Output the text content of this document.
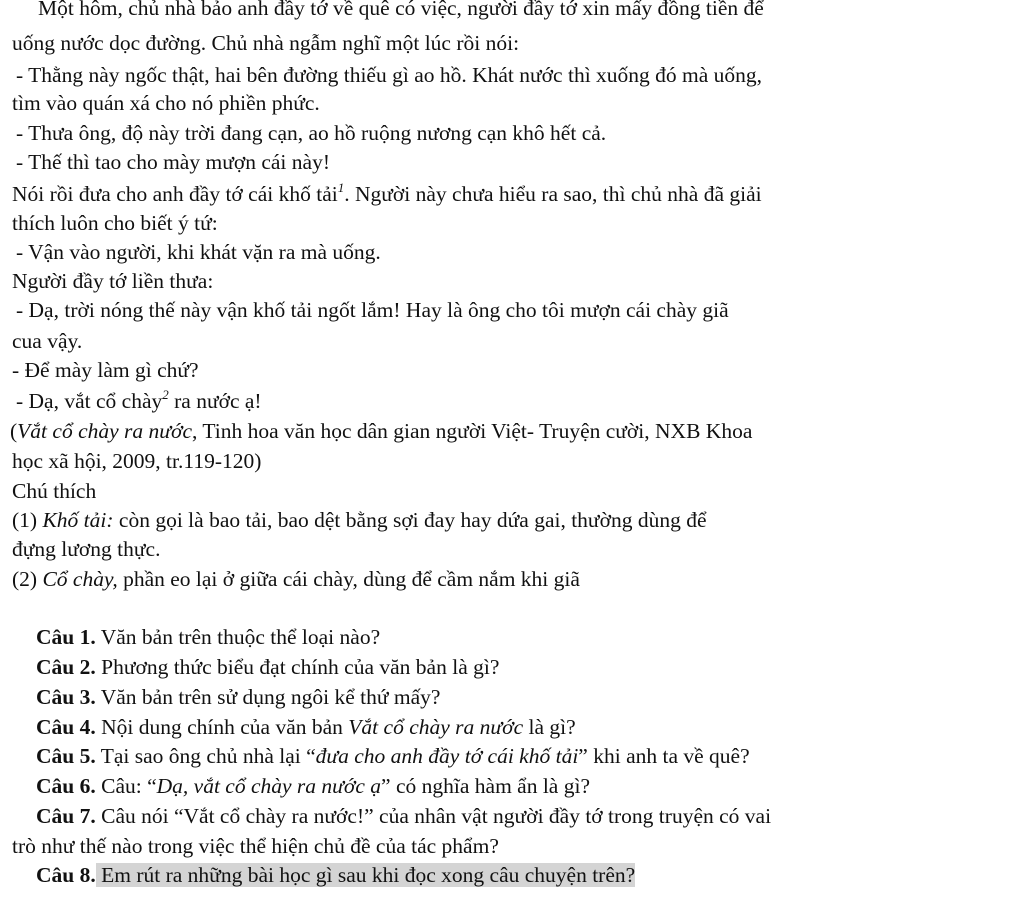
Một hôm, chủ nhà bảo anh đầy tớ về quê có việc, người đầy tớ xin mấy đồng tiền để
uống nước dọc đường. Chủ nhà ngẫm nghĩ một lúc rồi nói:
- Thằng này ngốc thật, hai bên đường thiếu gì ao hồ. Khát nước thì xuống đó mà uống,
tìm vào quán xá cho nó phiền phức.
- Thưa ông, độ này trời đang cạn, ao hồ ruộng nương cạn khô hết cả.
- Thế thì tao cho mày mượn cái này!
Nói rồi đưa cho anh đầy tớ cái khố tải$^1$. Người này chưa hiểu ra sao, thì chủ nhà đã giải
thích luôn cho biết ý tứ:
- Vận vào người, khi khát vặn ra mà uống.
Người đầy tớ liền thưa:
- Dạ, trời nóng thế này vận khố tải ngốt lắm! Hay là ông cho tôi mượn cái chày giã
cua vậy.
- Để mày làm gì chứ?
- Dạ, vắt cổ chày$^2$ ra nước ạ!
(Vắt cổ chày ra nước, Tinh hoa văn học dân gian người Việt- Truyện cười, NXB Khoa
học xã hội, 2009, tr.119-120)
Chú thích
(1) Khố tải: còn gọi là bao tải, bao dệt bằng sợi đay hay dứa gai, thường dùng để
đựng lương thực.
(2) Cổ chày, phần eo lại ở giữa cái chày, dùng để cầm nắm khi giã
Câu 1. Văn bản trên thuộc thể loại nào?
Câu 2. Phương thức biểu đạt chính của văn bản là gì?
Câu 3. Văn bản trên sử dụng ngôi kể thứ mấy?
Câu 4. Nội dung chính của văn bản Vắt cổ chày ra nước là gì?
Câu 5. Tại sao ông chủ nhà lại “đưa cho anh đầy tớ cái khố tải” khi anh ta về quê?
Câu 6. Câu: “Dạ, vắt cổ chày ra nước ạ” có nghĩa hàm ẩn là gì?
Câu 7. Câu nói “Vắt cổ chày ra nước!” của nhân vật người đầy tớ trong truyện có vai
trò như thế nào trong việc thể hiện chủ đề của tác phẩm?
Câu 8. Em rút ra những bài học gì sau khi đọc xong câu chuyện trên?
